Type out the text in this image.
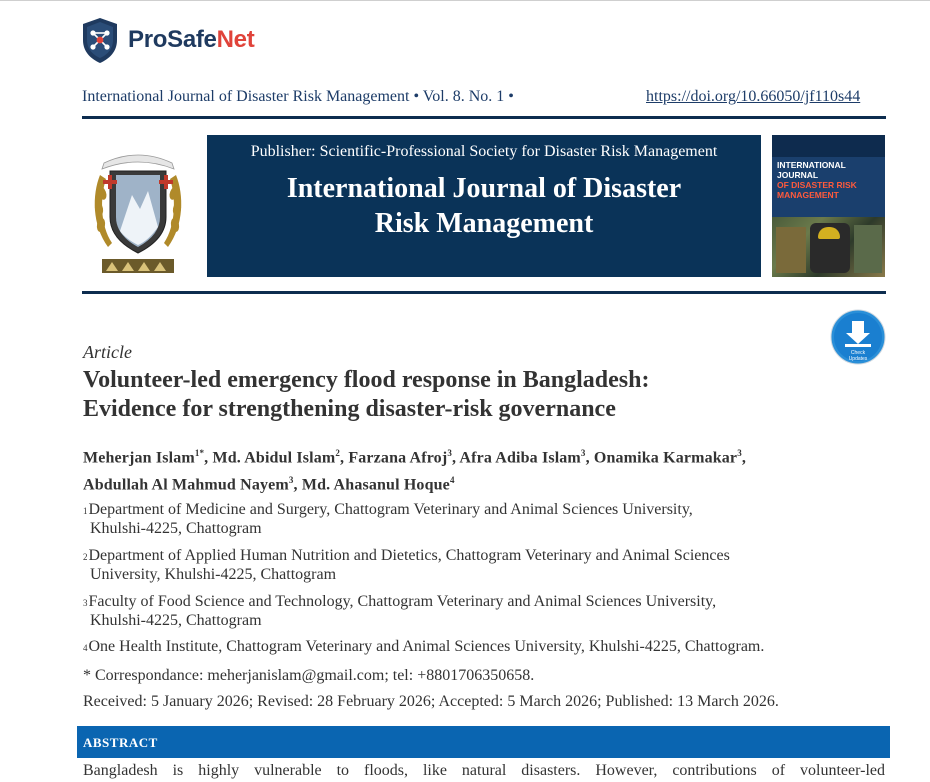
ProSafeNet
International Journal of Disaster Risk Management • Vol. 8. No. 1 •	https://doi.org/10.66050/jf110s44
Publisher: Scientific-Professional Society for Disaster Risk Management
International Journal of Disaster
Risk Management
INTERNATIONAL JOURNAL
OF DISASTER RISK
MANAGEMENT
Check
Updates
Article
Volunteer-led emergency flood response in Bangladesh:
Evidence for strengthening disaster-risk governance
Meherjan Islam$^{1*}$, Md. Abidul Islam$^2$, Farzana Afroj$^3$, Afra Adiba Islam$^3$, Onamika Karmakar$^3$,
Abdullah Al Mahmud Nayem$^3$, Md. Ahasanul Hoque$^4$
$^1$Department of Medicine and Surgery, Chattogram Veterinary and Animal Sciences University,
Khulshi-4225, Chattogram
$^2$Department of Applied Human Nutrition and Dietetics, Chattogram Veterinary and Animal Sciences
University, Khulshi-4225, Chattogram
$^3$Faculty of Food Science and Technology, Chattogram Veterinary and Animal Sciences University,
Khulshi-4225, Chattogram
$^4$One Health Institute, Chattogram Veterinary and Animal Sciences University, Khulshi-4225, Chattogram.
* Correspondance: meherjanislam@gmail.com; tel: +8801706350658.
Received: 5 January 2026; Revised: 28 February 2026; Accepted: 5 March 2026; Published: 13 March 2026.
ABSTRACT
Bangladesh is highly vulnerable to floods, like natural disasters. However, contributions of volunteer-led
